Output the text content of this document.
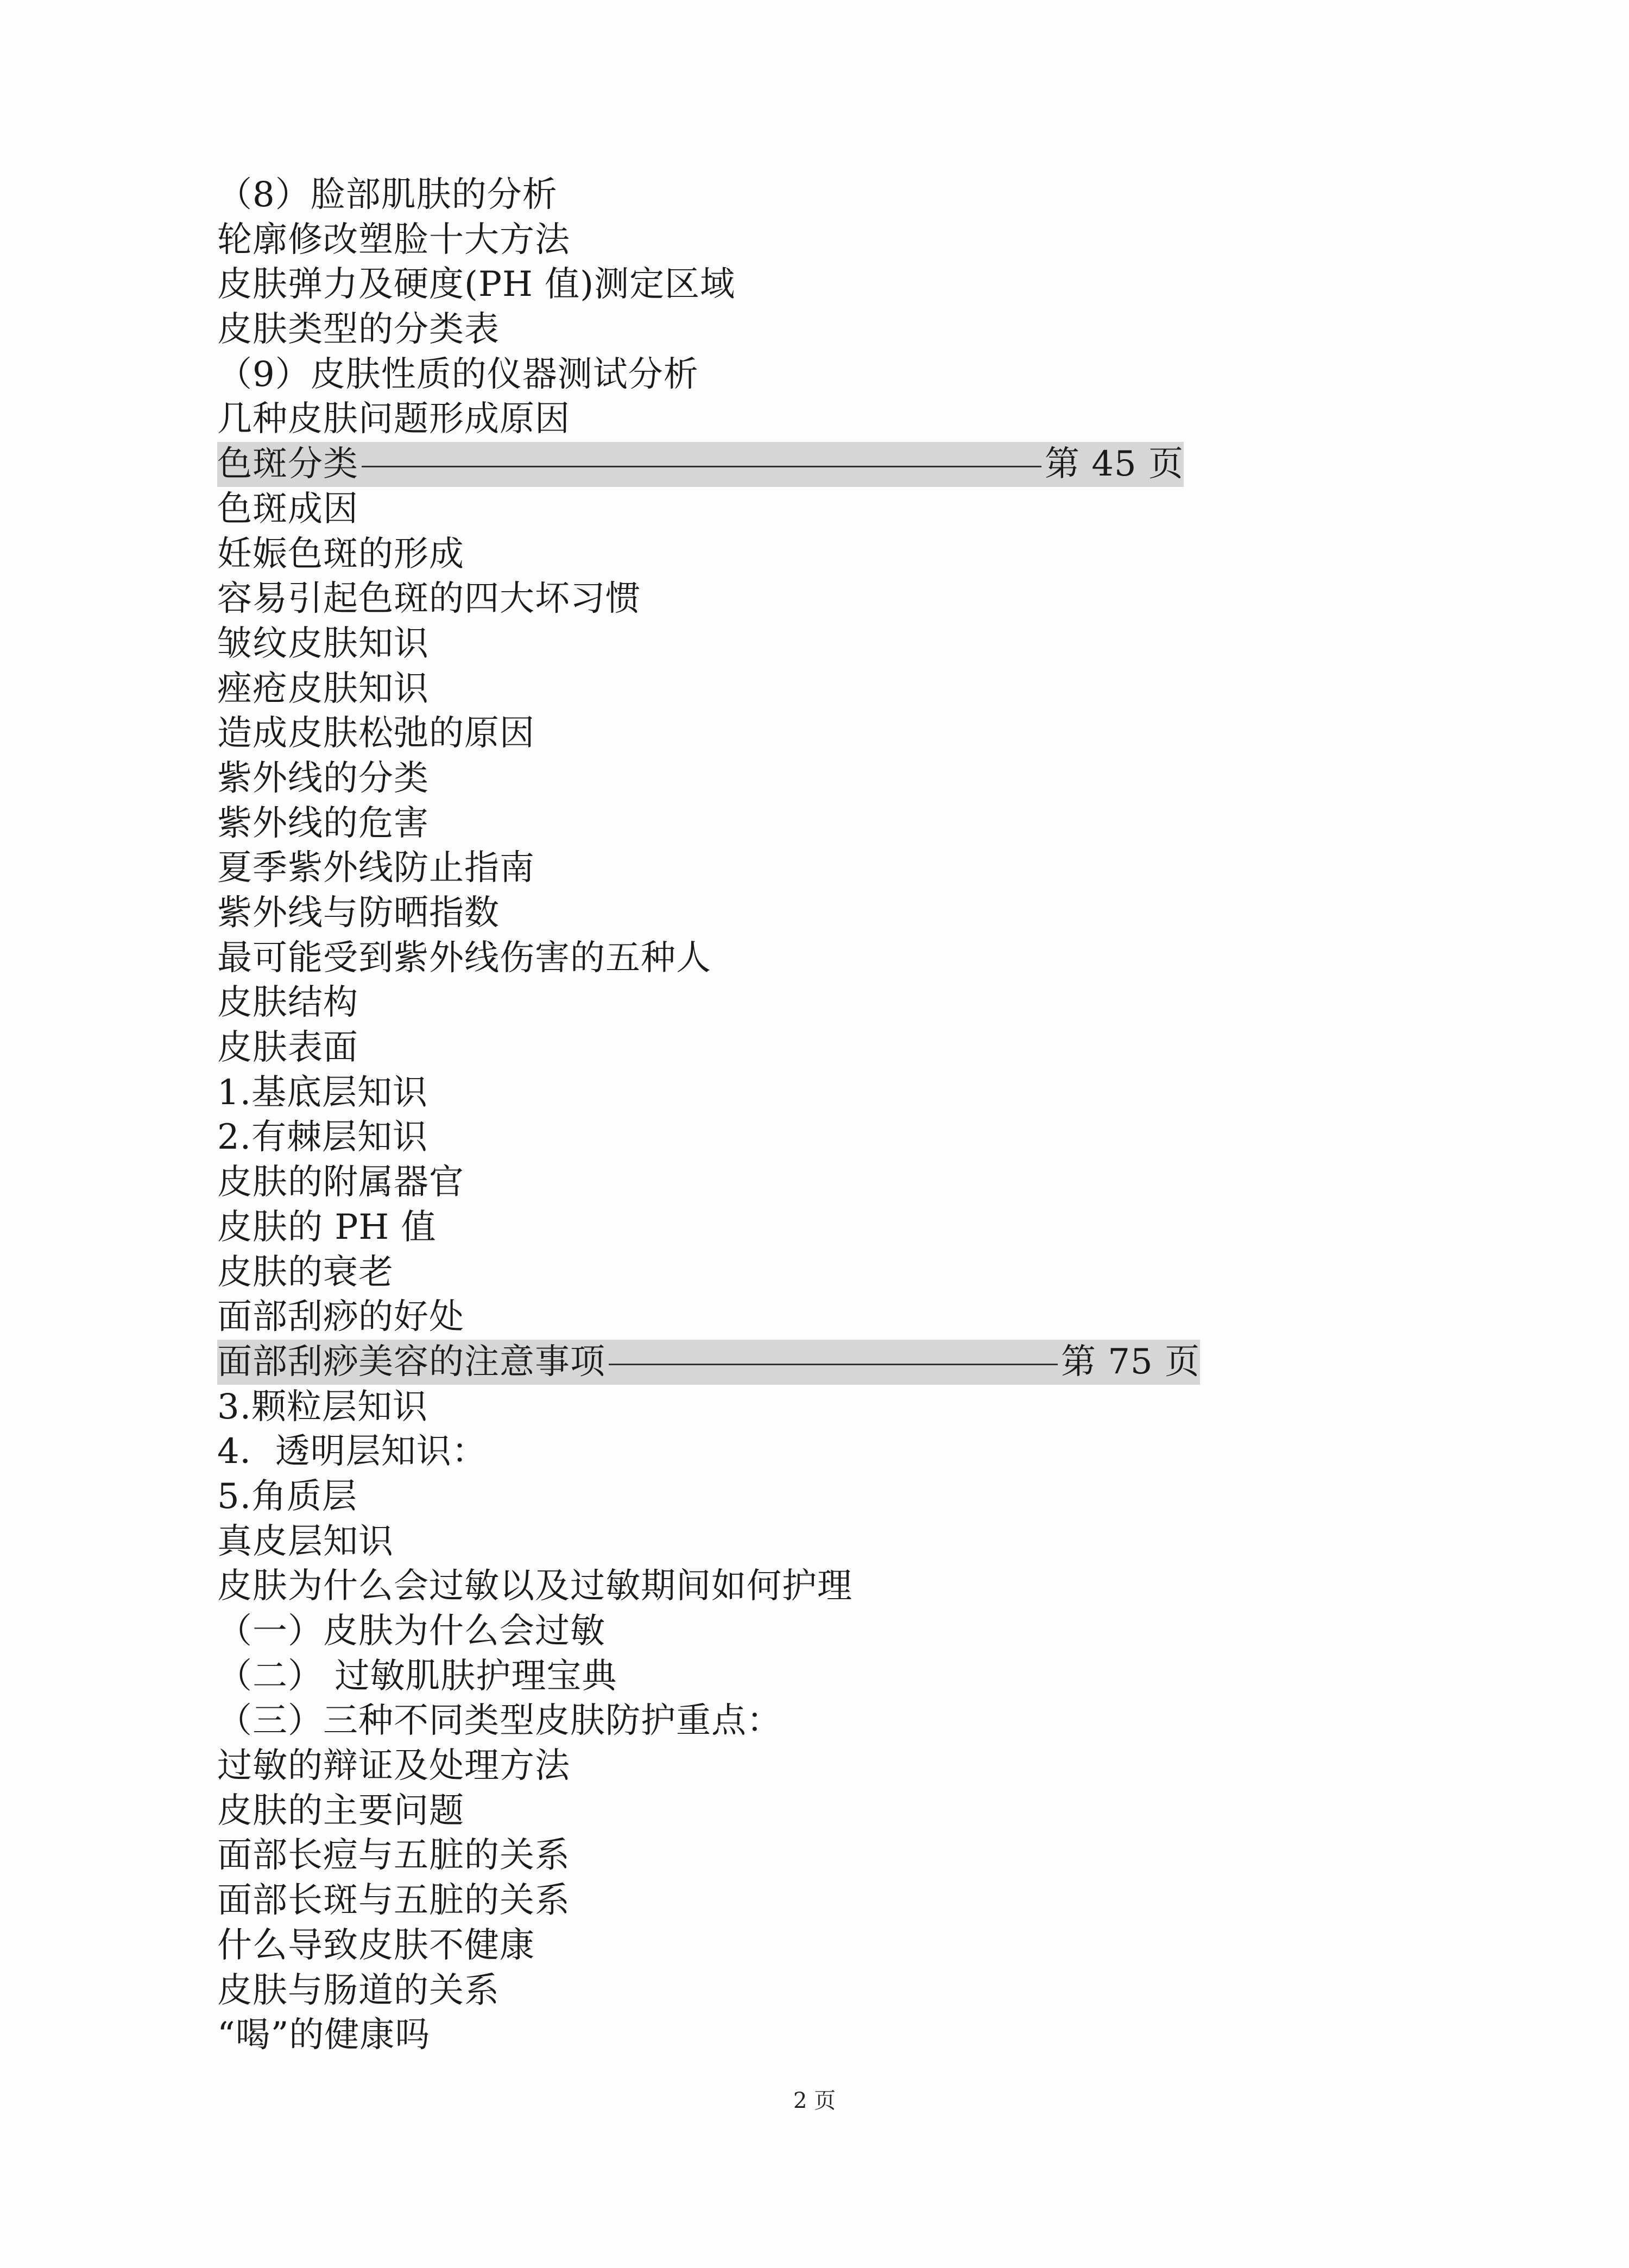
（8）脸部肌肤的分析
轮廓修改塑脸十大方法
皮肤弹力及硬度(PH 值)测定区域
皮肤类型的分类表
（9）皮肤性质的仪器测试分析
几种皮肤问题形成原因
色斑分类	第 45 页
色斑成因
妊娠色斑的形成
容易引起色斑的四大坏习惯
皱纹皮肤知识
痤疮皮肤知识
造成皮肤松弛的原因
紫外线的分类
紫外线的危害
夏季紫外线防止指南
紫外线与防晒指数
最可能受到紫外线伤害的五种人
皮肤结构
皮肤表面
1.基底层知识
2.有棘层知识
皮肤的附属器官
皮肤的 PH 值
皮肤的衰老
面部刮痧的好处
面部刮痧美容的注意事项	第 75 页
3.颗粒层知识
4．透明层知识：
5.角质层
真皮层知识
皮肤为什么会过敏以及过敏期间如何护理
（一）皮肤为什么会过敏
（二） 过敏肌肤护理宝典
（三）三种不同类型皮肤防护重点：
过敏的辩证及处理方法
皮肤的主要问题
面部长痘与五脏的关系
面部长斑与五脏的关系
什么导致皮肤不健康
皮肤与肠道的关系
“喝”的健康吗
2 页
